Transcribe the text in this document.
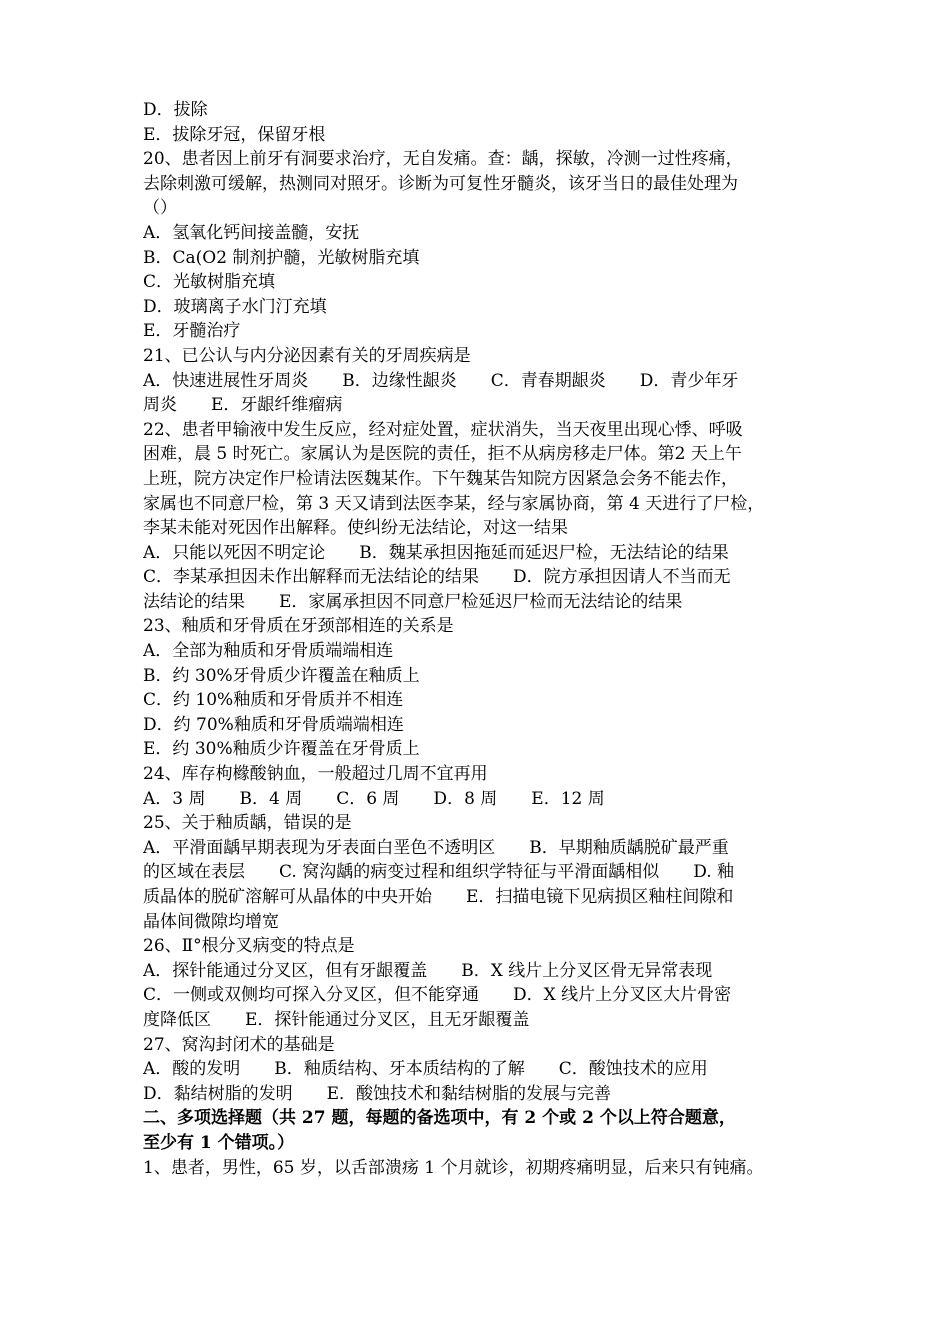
D．拔除
E．拔除牙冠，保留牙根
20、患者因上前牙有洞要求治疗，无自发痛。查：龋，探敏，冷测一过性疼痛，
去除刺激可缓解，热测同对照牙。诊断为可复性牙髓炎，该牙当日的最佳处理为
（）
A．氢氧化钙间接盖髓，安抚
B．Ca(O2 制剂护髓，光敏树脂充填
C．光敏树脂充填
D．玻璃离子水门汀充填
E．牙髓治疗
21、已公认与内分泌因素有关的牙周疾病是
A．快速进展性牙周炎　　B．边缘性龈炎　　C．青春期龈炎　　D．青少年牙
周炎　　E．牙龈纤维瘤病
22、患者甲输液中发生反应，经对症处置，症状消失，当天夜里出现心悸、呼吸
困难，晨 5 时死亡。家属认为是医院的责任，拒不从病房移走尸体。第2 天上午
上班，院方决定作尸检请法医魏某作。下午魏某告知院方因紧急会务不能去作，
家属也不同意尸检，第 3 天又请到法医李某，经与家属协商，第 4 天进行了尸检，
李某未能对死因作出解释。使纠纷无法结论，对这一结果
A．只能以死因不明定论　　B．魏某承担因拖延而延迟尸检，无法结论的结果
C．李某承担因未作出解释而无法结论的结果　　D．院方承担因请人不当而无
法结论的结果　　E．家属承担因不同意尸检延迟尸检而无法结论的结果
23、釉质和牙骨质在牙颈部相连的关系是
A．全部为釉质和牙骨质端端相连
B．约 30%牙骨质少许覆盖在釉质上
C．约 10%釉质和牙骨质并不相连
D．约 70%釉质和牙骨质端端相连
E．约 30%釉质少许覆盖在牙骨质上
24、库存枸橼酸钠血，一般超过几周不宜再用
A．3 周　　B．4 周　　C．6 周　　D．8 周　　E．12 周
25、关于釉质龋，错误的是
A．平滑面龋早期表现为牙表面白垩色不透明区　　B．早期釉质龋脱矿最严重
的区域在表层　　C. 窝沟龋的病变过程和组织学特征与平滑面龋相似　　D. 釉
质晶体的脱矿溶解可从晶体的中央开始　　E．扫描电镜下见病损区釉柱间隙和
晶体间微隙均增宽
26、Ⅱ°根分叉病变的特点是
A．探针能通过分叉区，但有牙龈覆盖　　B．X 线片上分叉区骨无异常表现
C．一侧或双侧均可探入分叉区，但不能穿通　　D．X 线片上分叉区大片骨密
度降低区　　E．探针能通过分叉区，且无牙龈覆盖
27、窝沟封闭术的基础是
A．酸的发明　　B．釉质结构、牙本质结构的了解　　C．酸蚀技术的应用
D．黏结树脂的发明　　E．酸蚀技术和黏结树脂的发展与完善
二、多项选择题（共 27 题，每题的备选项中，有 2 个或 2 个以上符合题意，
至少有 1 个错项。）
1、患者，男性，65 岁，以舌部溃疡 1 个月就诊，初期疼痛明显，后来只有钝痛。
